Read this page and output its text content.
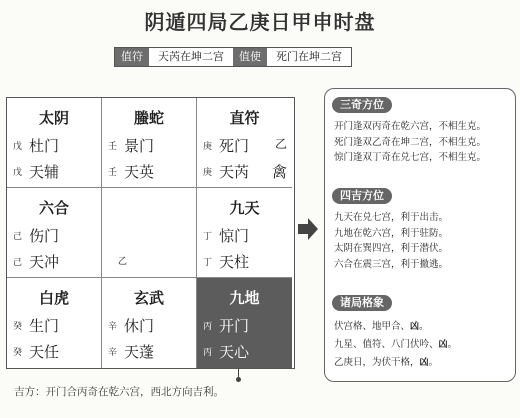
阴遁四局乙庚日甲申时盘
值符	天芮在坤二宫	值使	死门在坤二宫
太阴
戊 杜门
戊 天辅
螣蛇
壬 景门
壬 天英
直符
庚 死门
庚 天芮
乙
禽
六合
己 伤门
己 天冲	乙
九天
丁 惊门
丁 天柱
白虎
癸 生门
癸 天任
玄武
辛 休门
辛 天蓬
九地
丙 开门
丙 天心
吉方：开门合丙奇在乾六宫，西北方向吉利。
三奇方位
开门逢双丙奇在乾六宫，不相生克。
死门逢双乙奇在坤二宫，不相生克。
惊门逢双丁奇在兑七宫，不相生克。
四吉方位
九天在兑七宫，利于出击。
九地在乾六宫，利于驻防。
太阴在巽四宫，利于潜伏。
六合在震三宫，利于撤逃。
诸局格象
伏宫格、地甲合、凶。
九星、值符、八门伏吟、凶。
乙庚日，为伏干格，凶。
